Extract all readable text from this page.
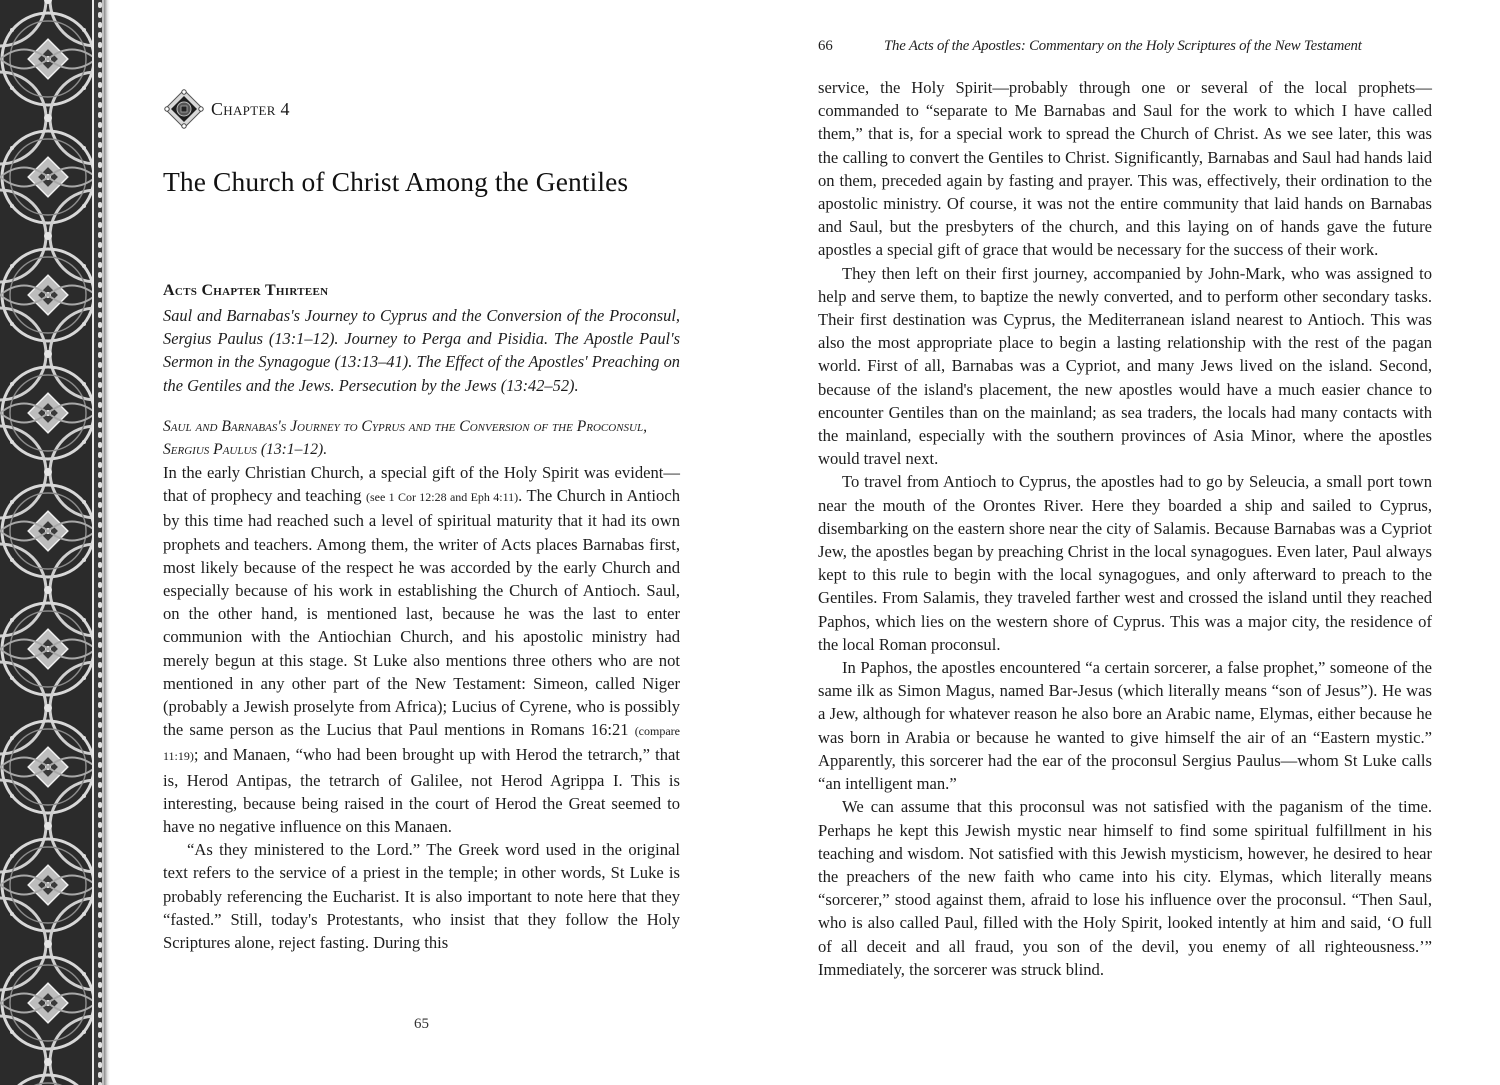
Chapter 4
The Church of Christ Among the Gentiles
Acts Chapter Thirteen
Saul and Barnabas's Journey to Cyprus and the Conversion of the Proconsul, Sergius Paulus (13:1–12). Journey to Perga and Pisidia. The Apostle Paul's Sermon in the Synagogue (13:13–41). The Effect of the Apostles' Preaching on the Gentiles and the Jews. Persecution by the Jews (13:42–52).
Saul and Barnabas's Journey to Cyprus and the Conversion of the Proconsul, Sergius Paulus (13:1–12).

In the early Christian Church, a special gift of the Holy Spirit was evident—that of prophecy and teaching (see 1 Cor 12:28 and Eph 4:11). The Church in Antioch by this time had reached such a level of spiritual maturity that it had its own prophets and teachers. Among them, the writer of Acts places Barnabas first, most likely because of the respect he was accorded by the early Church and especially because of his work in establishing the Church of Antioch. Saul, on the other hand, is mentioned last, because he was the last to enter communion with the Antiochian Church, and his apostolic ministry had merely begun at this stage. St Luke also mentions three others who are not mentioned in any other part of the New Testament: Simeon, called Niger (probably a Jewish proselyte from Africa); Lucius of Cyrene, who is possibly the same person as the Lucius that Paul mentions in Romans 16:21 (compare 11:19); and Manaen, “who had been brought up with Herod the tetrarch,” that is, Herod Antipas, the tetrarch of Galilee, not Herod Agrippa I. This is interesting, because being raised in the court of Herod the Great seemed to have no negative influence on this Manaen.

“As they ministered to the Lord.” The Greek word used in the original text refers to the service of a priest in the temple; in other words, St Luke is probably referencing the Eucharist. It is also important to note here that they “fasted.” Still, today's Protestants, who insist that they follow the Holy Scriptures alone, reject fasting. During this

65
66	The Acts of the Apostles: Commentary on the Holy Scriptures of the New Testament

service, the Holy Spirit—probably through one or several of the local prophets—commanded to “separate to Me Barnabas and Saul for the work to which I have called them,” that is, for a special work to spread the Church of Christ. As we see later, this was the calling to convert the Gentiles to Christ. Significantly, Barnabas and Saul had hands laid on them, preceded again by fasting and prayer. This was, effectively, their ordination to the apostolic ministry. Of course, it was not the entire community that laid hands on Barnabas and Saul, but the presbyters of the church, and this laying on of hands gave the future apostles a special gift of grace that would be necessary for the success of their work.

They then left on their first journey, accompanied by John-Mark, who was assigned to help and serve them, to baptize the newly converted, and to perform other secondary tasks. Their first destination was Cyprus, the Mediterranean island nearest to Antioch. This was also the most appropriate place to begin a lasting relationship with the rest of the pagan world. First of all, Barnabas was a Cypriot, and many Jews lived on the island. Second, because of the island's placement, the new apostles would have a much easier chance to encounter Gentiles than on the mainland; as sea traders, the locals had many contacts with the mainland, especially with the southern provinces of Asia Minor, where the apostles would travel next.

To travel from Antioch to Cyprus, the apostles had to go by Seleucia, a small port town near the mouth of the Orontes River. Here they boarded a ship and sailed to Cyprus, disembarking on the eastern shore near the city of Salamis. Because Barnabas was a Cypriot Jew, the apostles began by preaching Christ in the local synagogues. Even later, Paul always kept to this rule to begin with the local synagogues, and only afterward to preach to the Gentiles. From Salamis, they traveled farther west and crossed the island until they reached Paphos, which lies on the western shore of Cyprus. This was a major city, the residence of the local Roman proconsul.

In Paphos, the apostles encountered “a certain sorcerer, a false prophet,” someone of the same ilk as Simon Magus, named Bar-Jesus (which literally means “son of Jesus”). He was a Jew, although for whatever reason he also bore an Arabic name, Elymas, either because he was born in Arabia or because he wanted to give himself the air of an “Eastern mystic.” Apparently, this sorcerer had the ear of the proconsul Sergius Paulus—whom St Luke calls “an intelligent man.”

We can assume that this proconsul was not satisfied with the paganism of the time. Perhaps he kept this Jewish mystic near himself to find some spiritual fulfillment in his teaching and wisdom. Not satisfied with this Jewish mysticism, however, he desired to hear the preachers of the new faith who came into his city. Elymas, which literally means “sorcerer,” stood against them, afraid to lose his influence over the proconsul. “Then Saul, who is also called Paul, filled with the Holy Spirit, looked intently at him and said, ‘O full of all deceit and all fraud, you son of the devil, you enemy of all righteousness.’” Immediately, the sorcerer was struck blind.
